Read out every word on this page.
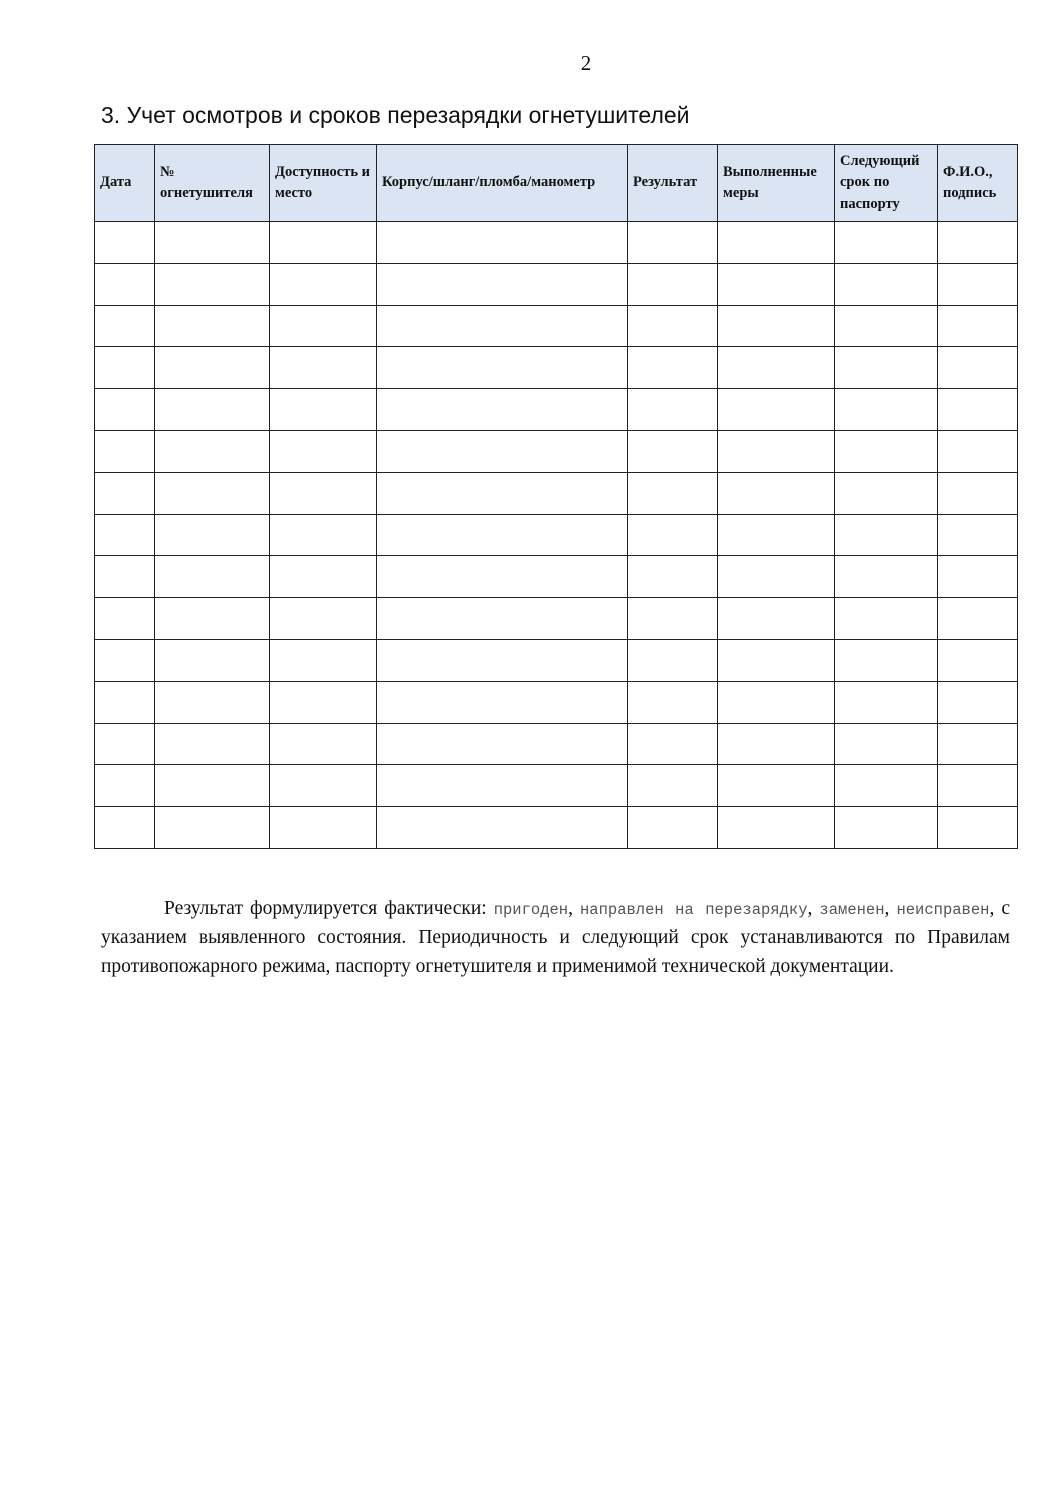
2
3. Учет осмотров и сроков перезарядки огнетушителей
Дата	№ огнетушителя	Доступность и место	Корпус/шланг/пломба/манометр	Результат	Выполненные меры	Следующий срок по паспорту	Ф.И.О., подпись

Результат формулируется фактически: пригоден, направлен на перезарядку, заменен, неисправен, с указанием выявленного состояния. Периодичность и следующий срок устанавливаются по Правилам противопожарного режима, паспорту огнетушителя и применимой технической документации.
